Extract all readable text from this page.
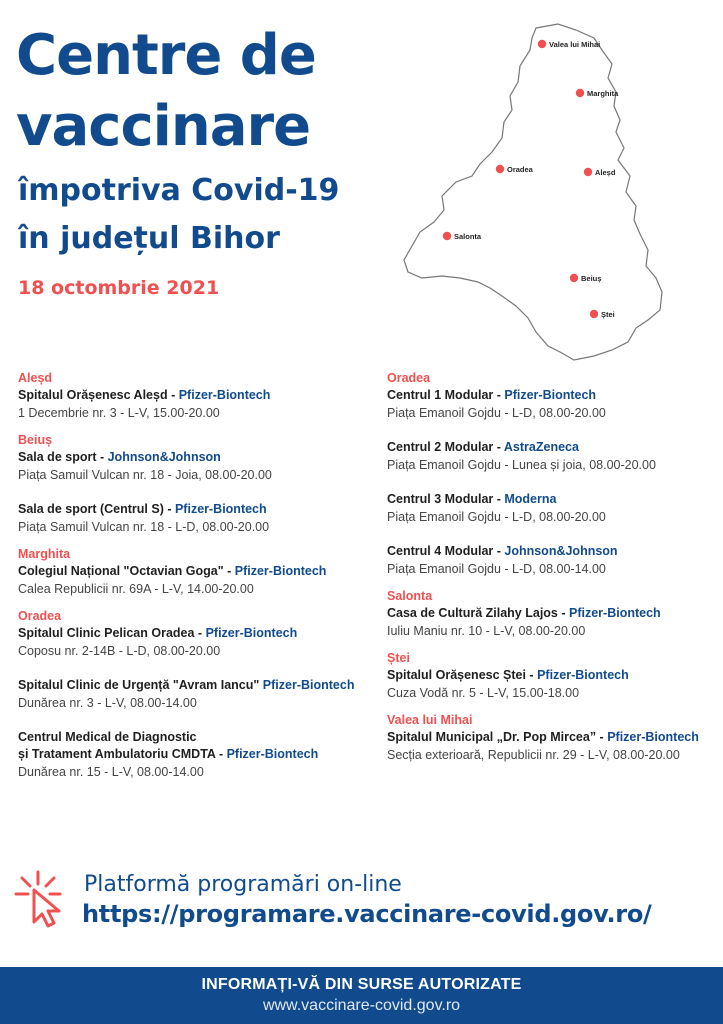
Centre de
vaccinare
împotriva Covid-19
în județul Bihor
18 octombrie 2021
Valea lui Mihai
Marghita
Oradea	Aleșd
Salonta
Beiuș
Ștei
Aleșd
Spitalul Orășenesc Aleșd - Pfizer-Biontech
1 Decembrie nr. 3 - L-V, 15.00-20.00
Beiuș
Sala de sport - Johnson&Johnson
Piața Samuil Vulcan nr. 18 - Joia, 08.00-20.00
Sala de sport (Centrul S) - Pfizer-Biontech
Piața Samuil Vulcan nr. 18 - L-D, 08.00-20.00
Marghita
Colegiul Național "Octavian Goga" - Pfizer-Biontech
Calea Republicii nr. 69A - L-V, 14.00-20.00
Oradea
Spitalul Clinic Pelican Oradea - Pfizer-Biontech
Coposu nr. 2-14B - L-D, 08.00-20.00
Spitalul Clinic de Urgență "Avram Iancu" Pfizer-Biontech
Dunărea nr. 3 - L-V, 08.00-14.00
Centrul Medical de Diagnostic
și Tratament Ambulatoriu CMDTA - Pfizer-Biontech
Dunărea nr. 15 - L-V, 08.00-14.00
Oradea
Centrul 1 Modular - Pfizer-Biontech
Piața Emanoil Gojdu - L-D, 08.00-20.00
Centrul 2 Modular - AstraZeneca
Piața Emanoil Gojdu - Lunea și joia, 08.00-20.00
Centrul 3 Modular - Moderna
Piața Emanoil Gojdu - L-D, 08.00-20.00
Centrul 4 Modular - Johnson&Johnson
Piața Emanoil Gojdu - L-D, 08.00-14.00
Salonta
Casa de Cultură Zilahy Lajos - Pfizer-Biontech
Iuliu Maniu nr. 10 - L-V, 08.00-20.00
Ștei
Spitalul Orășenesc Ștei - Pfizer-Biontech
Cuza Vodă nr. 5 - L-V, 15.00-18.00
Valea lui Mihai
Spitalul Municipal „Dr. Pop Mircea” - Pfizer-Biontech
Secția exterioară, Republicii nr. 29 - L-V, 08.00-20.00
Platformă programări on-line
https://programare.vaccinare-covid.gov.ro/
INFORMAȚI-VĂ DIN SURSE AUTORIZATE
www.vaccinare-covid.gov.ro
